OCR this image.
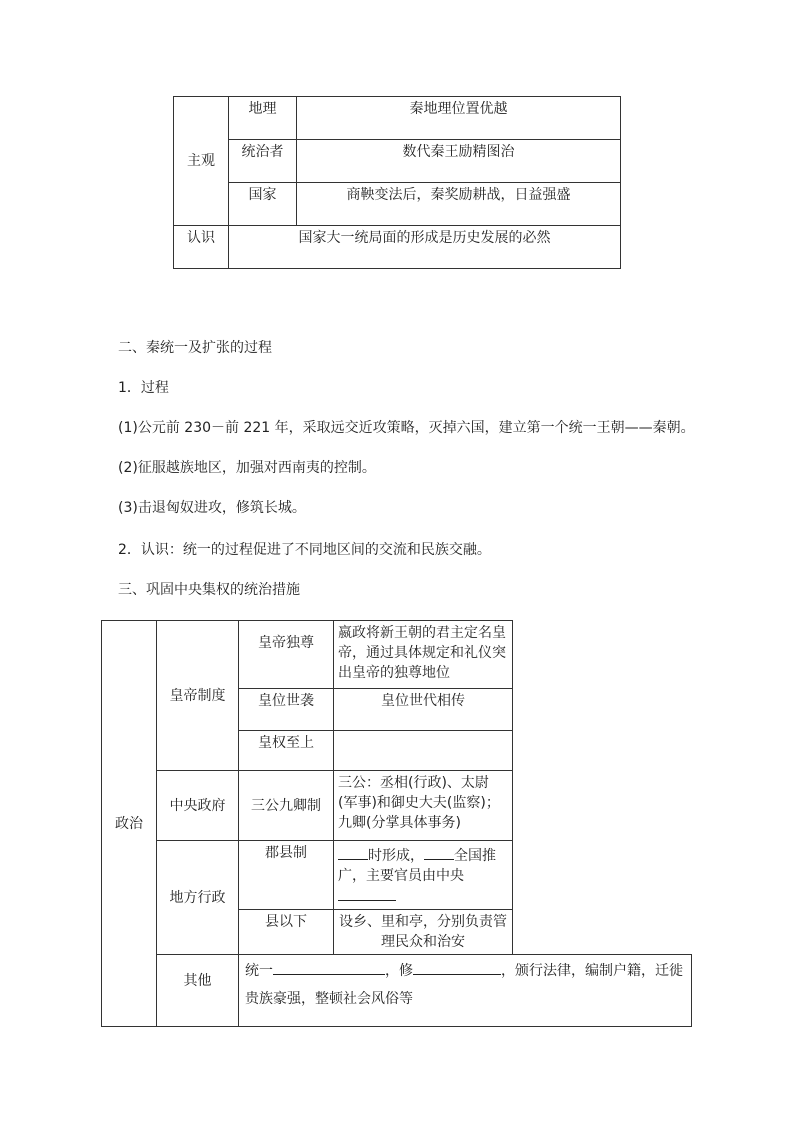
主观	地理	秦地理位置优越
	统治者	数代秦王励精图治
	国家	商鞅变法后，秦奖励耕战，日益强盛
认识	国家大一统局面的形成是历史发展的必然	
二、秦统一及扩张的过程
1．过程
(1)公元前 230－前 221 年，采取远交近攻策略，灭掉六国，建立第一个统一王朝——秦朝。
(2)征服越族地区，加强对西南夷的控制。
(3)击退匈奴进攻，修筑长城。
2．认识：统一的过程促进了不同地区间的交流和民族交融。
三、巩固中央集权的统治措施
政治	皇帝制度	皇帝独尊	嬴政将新王朝的君主定名皇帝，通过具体规定和礼仪突出皇帝的独尊地位
		皇位世袭	皇位世代相传
		皇权至上	
	中央政府	三公九卿制	三公：丞相(行政)、太尉(军事)和御史大夫(监察)；九卿(分掌具体事务)
	地方行政	郡县制	时形成， 全国推广，主要官员由中央
		县以下	设乡、里和亭，分别负责管理民众和治安
	其他	统一 ，修 ，颁行法律，编制户籍，迁徙贵族豪强，整顿社会风俗等	
